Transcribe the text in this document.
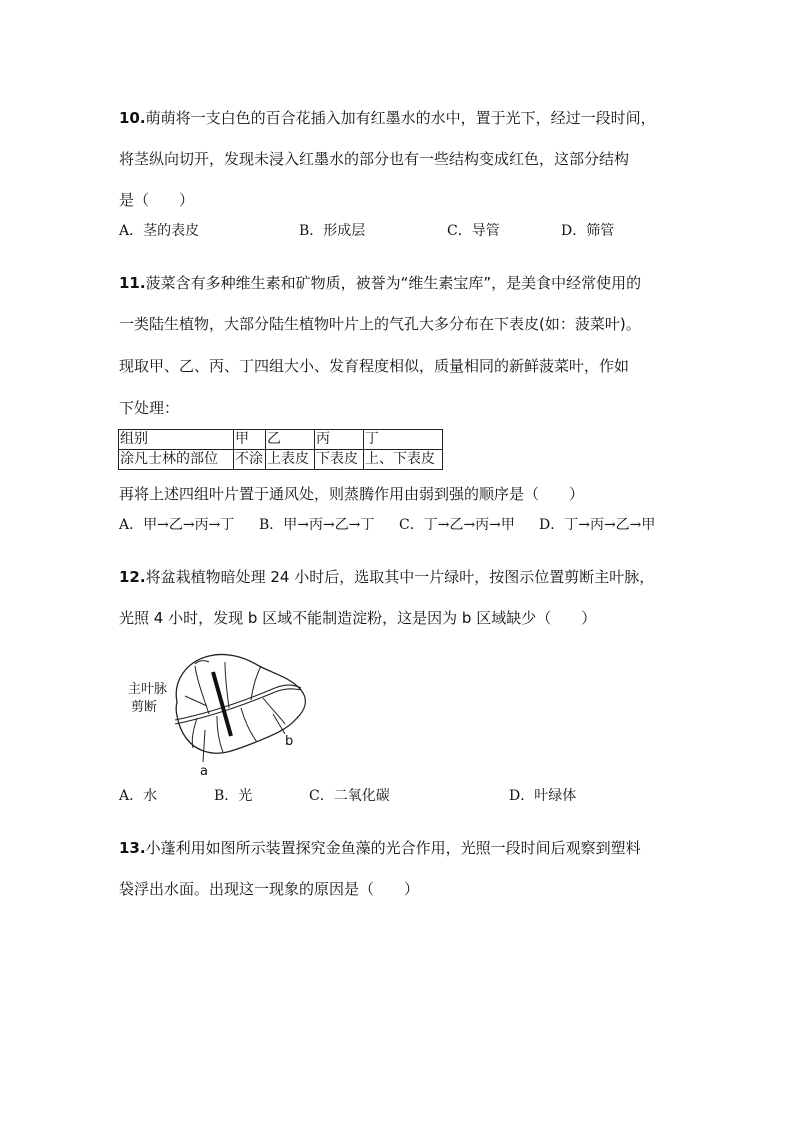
10.萌萌将一支白色的百合花插入加有红墨水的水中，置于光下，经过一段时间，
将茎纵向切开，发现未浸入红墨水的部分也有一些结构变成红色，这部分结构
是（　　）
A．茎的表皮	B．形成层	C．导管	D．筛管
11.菠菜含有多种维生素和矿物质，被誉为“维生素宝库”，是美食中经常使用的
一类陆生植物，大部分陆生植物叶片上的气孔大多分布在下表皮(如：菠菜叶)。
现取甲、乙、丙、丁四组大小、发育程度相似，质量相同的新鲜菠菜叶，作如
下处理：
组别	甲	乙	丙	丁
涂凡士林的部位	不涂	上表皮	下表皮	上、下表皮
再将上述四组叶片置于通风处，则蒸腾作用由弱到强的顺序是（　　）
A．甲→乙→丙→丁 B．甲→丙→乙→丁 C．丁→乙→丙→甲 D．丁→丙→乙→甲
12.将盆栽植物暗处理 24 小时后，选取其中一片绿叶，按图示位置剪断主叶脉，
光照 4 小时，发现 b 区域不能制造淀粉，这是因为 b 区域缺少（　　）
主叶脉
剪断
a
b
A．水	B．光	C．二氧化碳	D．叶绿体
13.小蓬利用如图所示装置探究金鱼藻的光合作用，光照一段时间后观察到塑料
袋浮出水面。出现这一现象的原因是（　　）
